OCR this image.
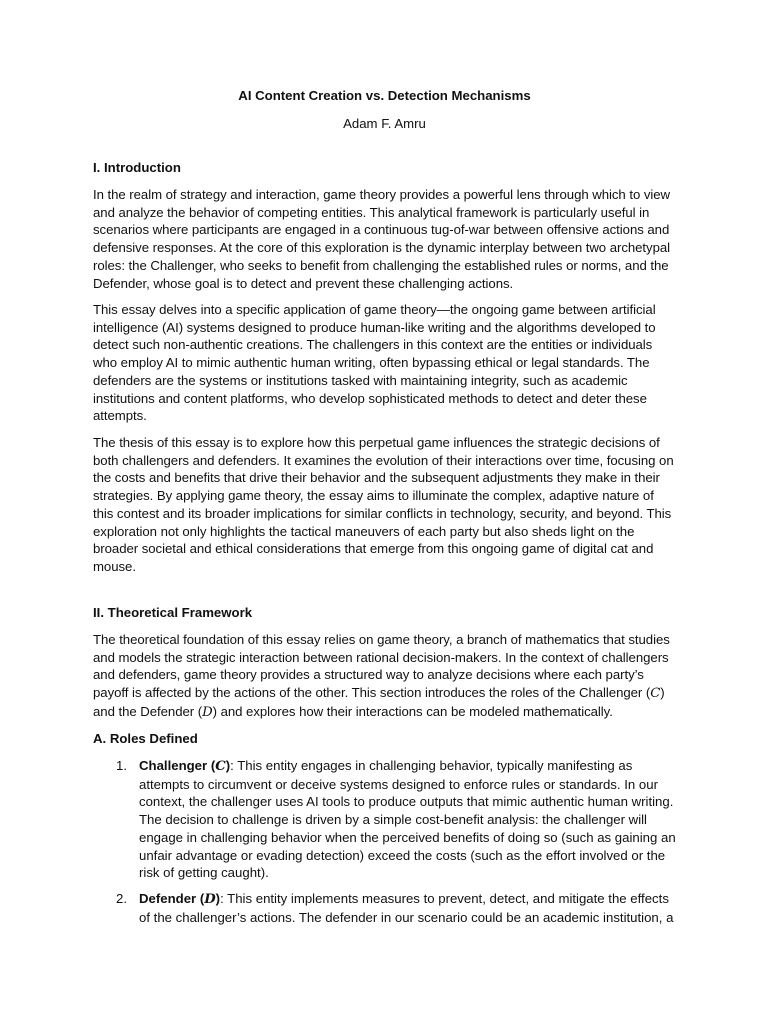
AI Content Creation vs. Detection Mechanisms
Adam F. Amru
I. Introduction

In the realm of strategy and interaction, game theory provides a powerful lens through which to view and analyze the behavior of competing entities. This analytical framework is particularly useful in scenarios where participants are engaged in a continuous tug-of-war between offensive actions and defensive responses. At the core of this exploration is the dynamic interplay between two archetypal roles: the Challenger, who seeks to benefit from challenging the established rules or norms, and the Defender, whose goal is to detect and prevent these challenging actions.

This essay delves into a specific application of game theory—the ongoing game between artificial intelligence (AI) systems designed to produce human-like writing and the algorithms developed to detect such non-authentic creations. The challengers in this context are the entities or individuals who employ AI to mimic authentic human writing, often bypassing ethical or legal standards. The defenders are the systems or institutions tasked with maintaining integrity, such as academic institutions and content platforms, who develop sophisticated methods to detect and deter these attempts.

The thesis of this essay is to explore how this perpetual game influences the strategic decisions of both challengers and defenders. It examines the evolution of their interactions over time, focusing on the costs and benefits that drive their behavior and the subsequent adjustments they make in their strategies. By applying game theory, the essay aims to illuminate the complex, adaptive nature of this contest and its broader implications for similar conflicts in technology, security, and beyond. This exploration not only highlights the tactical maneuvers of each party but also sheds light on the broader societal and ethical considerations that emerge from this ongoing game of digital cat and mouse.

II. Theoretical Framework

The theoretical foundation of this essay relies on game theory, a branch of mathematics that studies and models the strategic interaction between rational decision-makers. In the context of challengers and defenders, game theory provides a structured way to analyze decisions where each party’s payoff is affected by the actions of the other. This section introduces the roles of the Challenger (C) and the Defender (D) and explores how their interactions can be modeled mathematically.

A. Roles Defined
1. Challenger (C): This entity engages in challenging behavior, typically manifesting as attempts to circumvent or deceive systems designed to enforce rules or standards. In our context, the challenger uses AI tools to produce outputs that mimic authentic human writing. The decision to challenge is driven by a simple cost-benefit analysis: the challenger will engage in challenging behavior when the perceived benefits of doing so (such as gaining an unfair advantage or evading detection) exceed the costs (such as the effort involved or the risk of getting caught).
2. Defender (D): This entity implements measures to prevent, detect, and mitigate the effects of the challenger’s actions. The defender in our scenario could be an academic institution, a
